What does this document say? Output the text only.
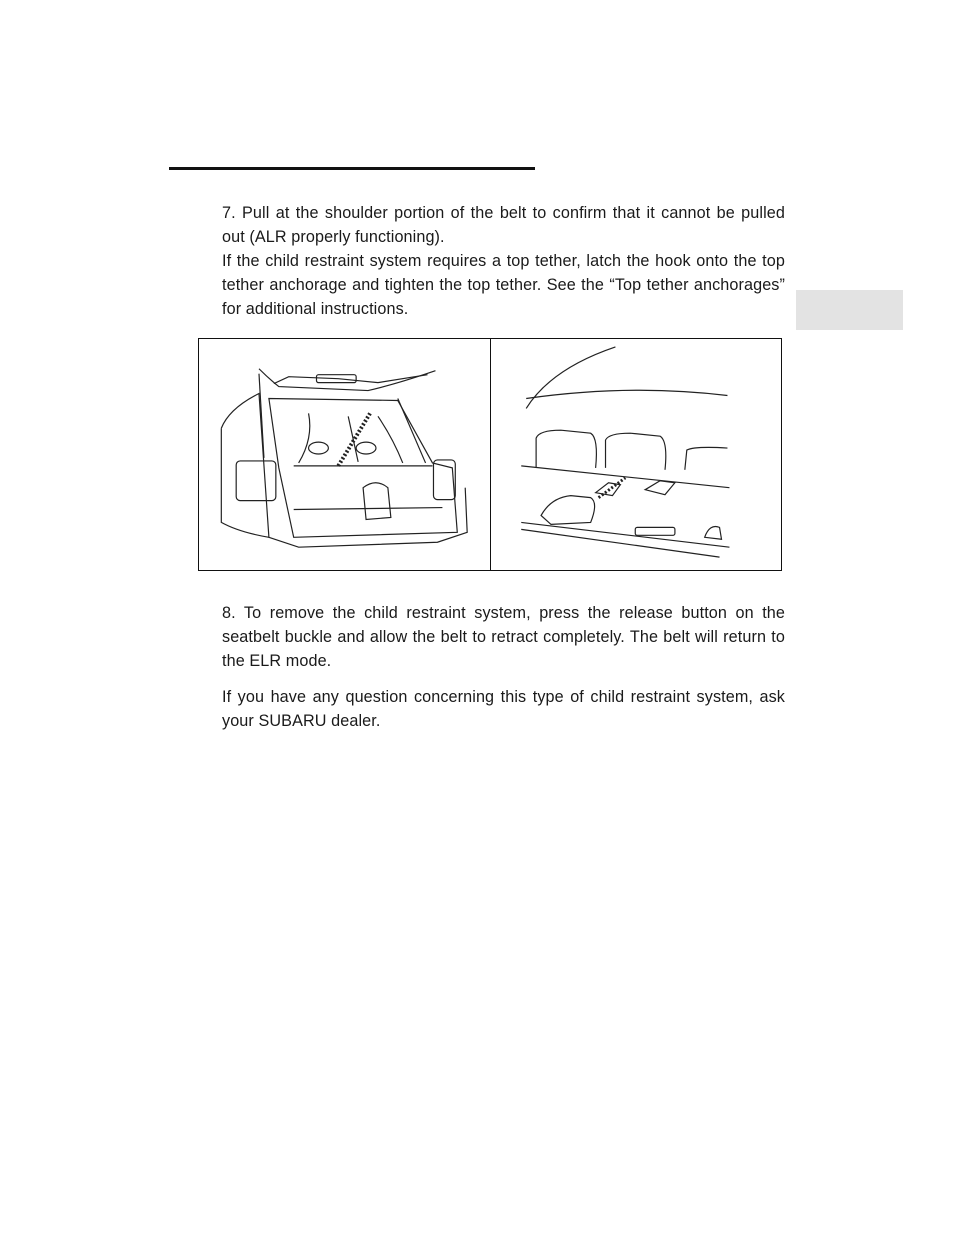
7. Pull at the shoulder portion of the belt to confirm that it cannot be pulled out (ALR properly functioning).

If the child restraint system requires a top tether, latch the hook onto the top tether anchorage and tighten the top tether. See the “Top tether anchorages” for additional instructions.

8. To remove the child restraint system, press the release button on the seatbelt buckle and allow the belt to retract completely. The belt will return to the ELR mode.

If you have any question concerning this type of child restraint system, ask your SUBARU dealer.
